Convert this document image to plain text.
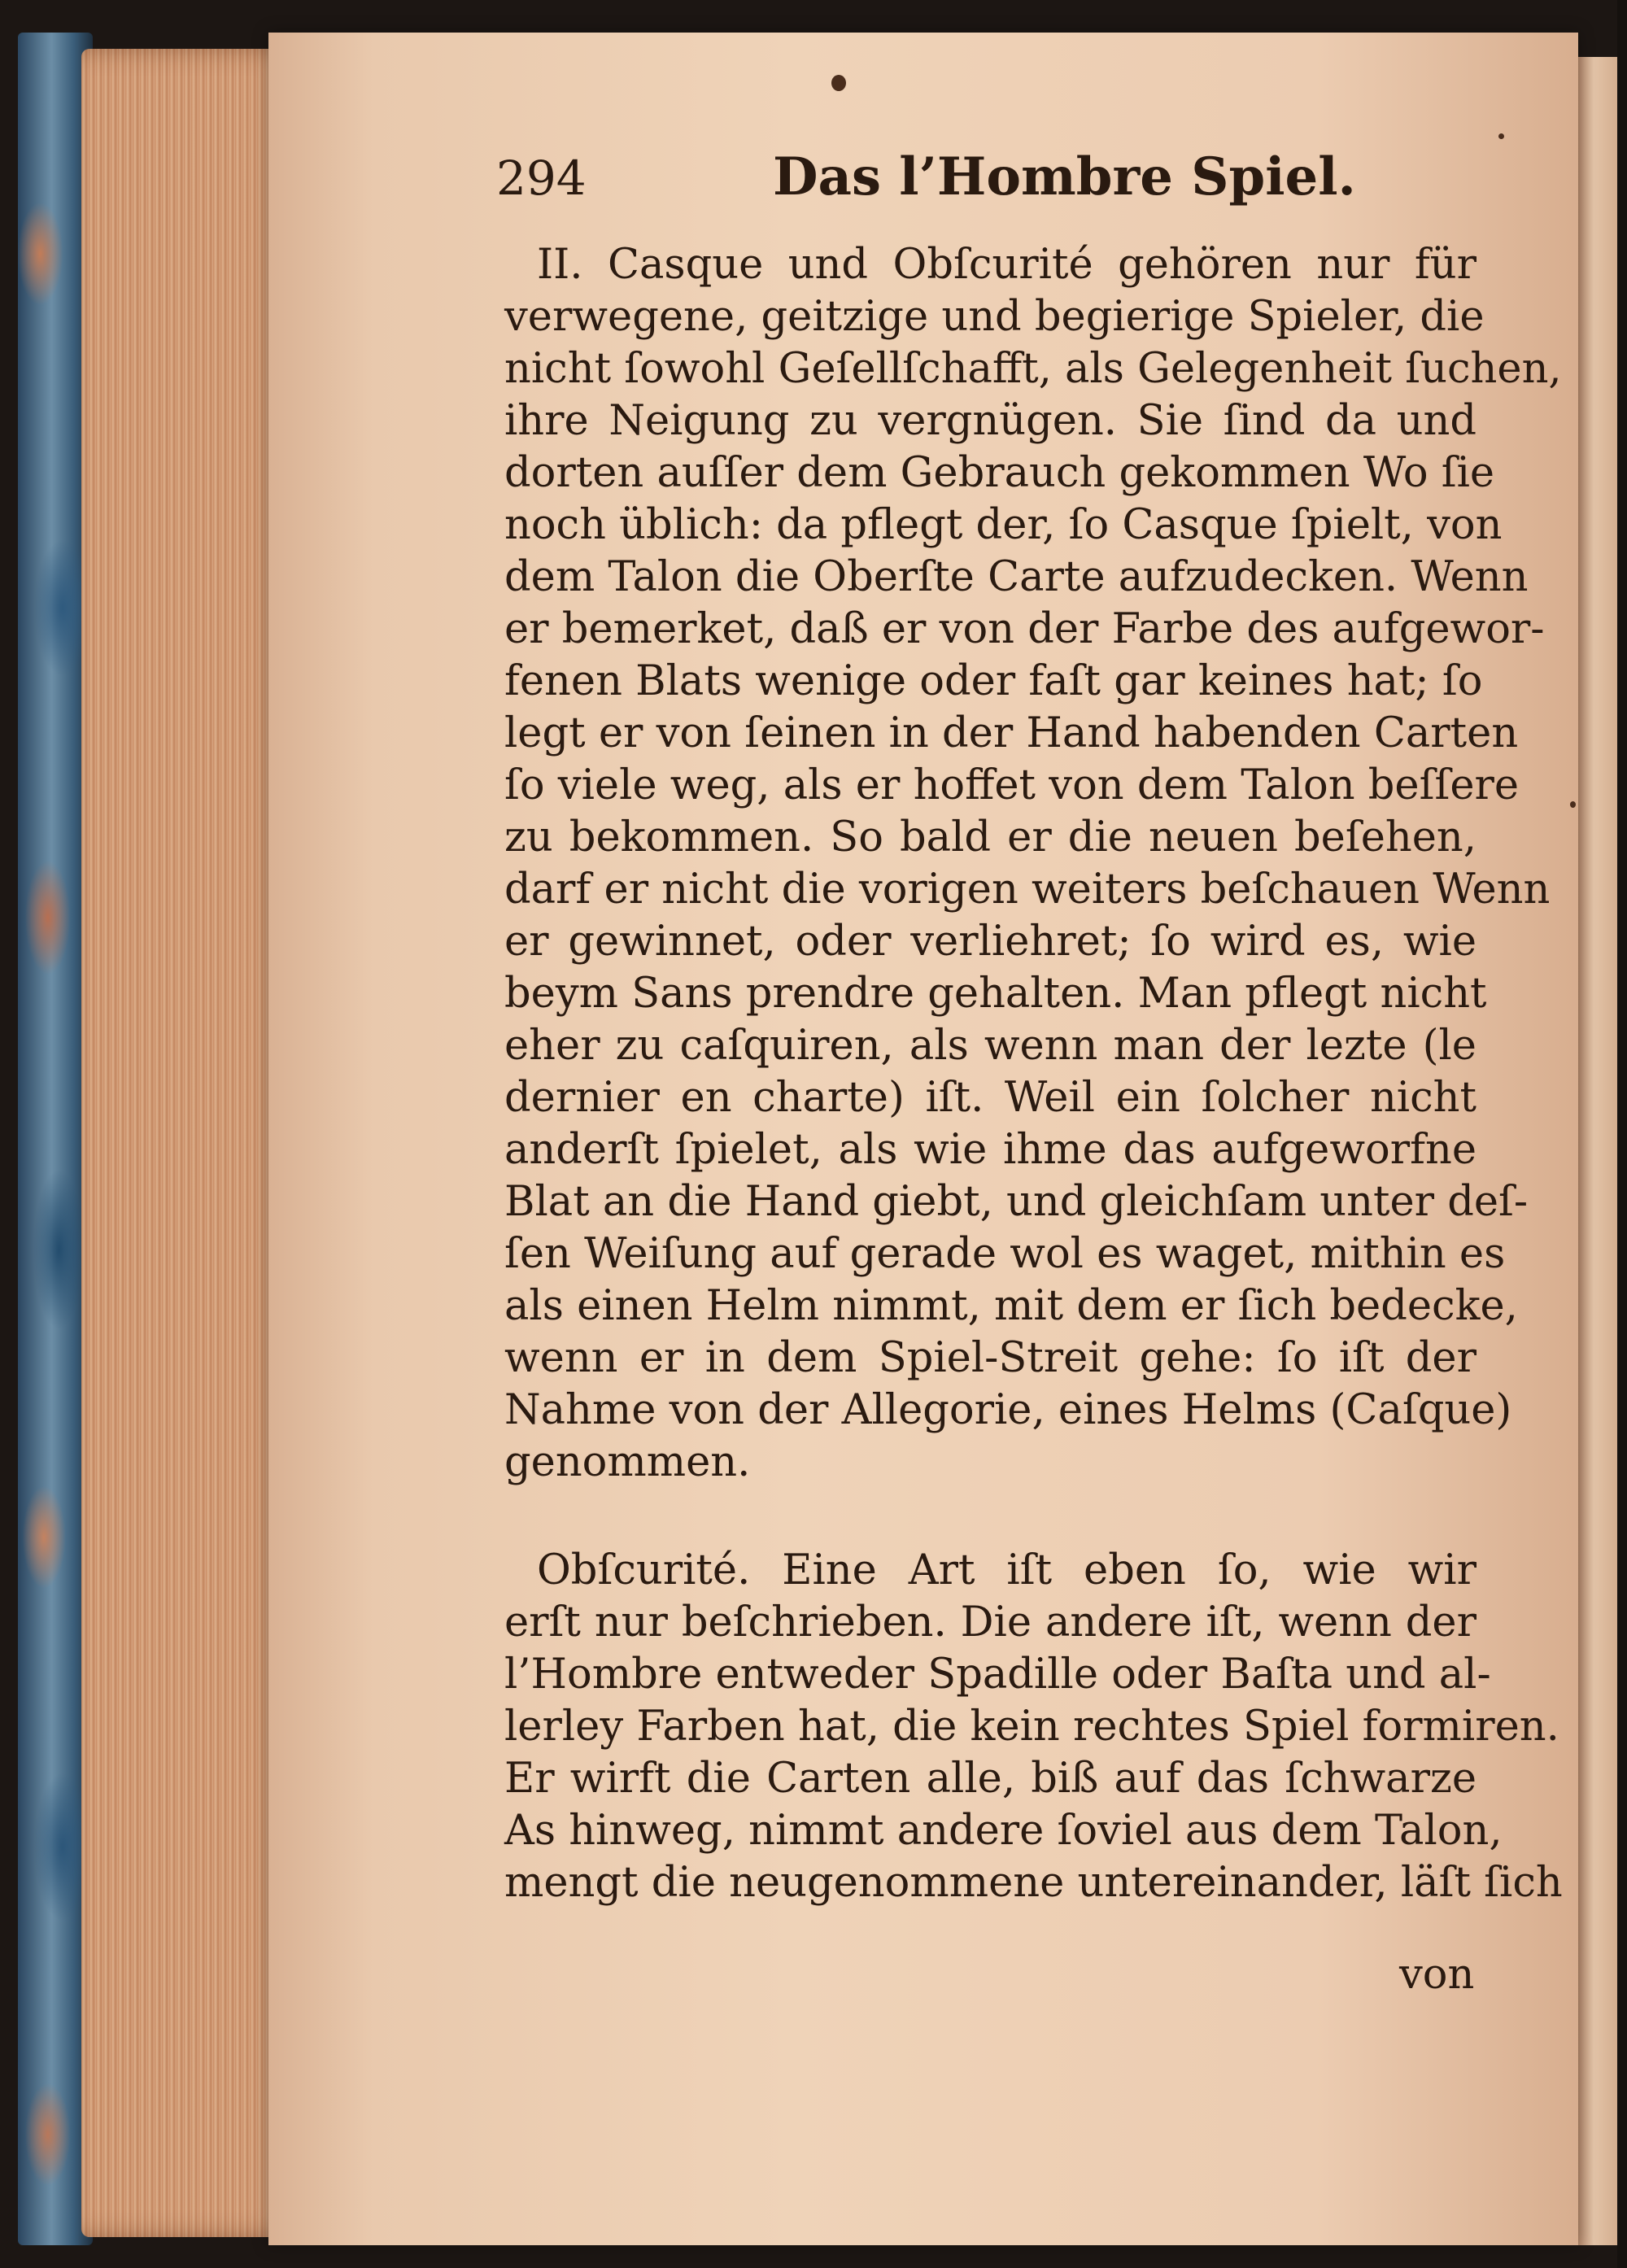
294	Das l’Hombre Spiel.

II. Casque und Obſcurité gehören nur für

verwegene, geitzige und begierige Spieler, die

nicht ſowohl Geſellſchafft, als Gelegenheit ſuchen,

ihre Neigung zu vergnügen. Sie ſind da und

dorten auſſer dem Gebrauch gekommen Wo ſie

noch üblich: da pflegt der, ſo Casque ſpielt, von

dem Talon die Oberſte Carte aufzudecken. Wenn

er bemerket, daß er von der Farbe des aufgewor-

fenen Blats wenige oder faſt gar keines hat; ſo

legt er von ſeinen in der Hand habenden Carten

ſo viele weg, als er hoffet von dem Talon beſſere

zu bekommen. So bald er die neuen beſehen,

darf er nicht die vorigen weiters beſchauen Wenn

er gewinnet, oder verliehret; ſo wird es, wie

beym Sans prendre gehalten. Man pflegt nicht

eher zu caſquiren, als wenn man der lezte (le

dernier en charte) iſt. Weil ein ſolcher nicht

anderſt ſpielet, als wie ihme das aufgeworfne

Blat an die Hand giebt, und gleichſam unter deſ-

ſen Weiſung auf gerade wol es waget, mithin es

als einen Helm nimmt, mit dem er ſich bedecke,

wenn er in dem Spiel-Streit gehe: ſo iſt der

Nahme von der Allegorie, eines Helms (Caſque)

genommen.

Obſcurité. Eine Art iſt eben ſo, wie wir

erſt nur beſchrieben. Die andere iſt, wenn der

l’Hombre entweder Spadille oder Baſta und al-

lerley Farben hat, die kein rechtes Spiel formiren.

Er wirft die Carten alle, biß auf das ſchwarze

As hinweg, nimmt andere ſoviel aus dem Talon,

mengt die neugenommene untereinander, läſt ſich

von
